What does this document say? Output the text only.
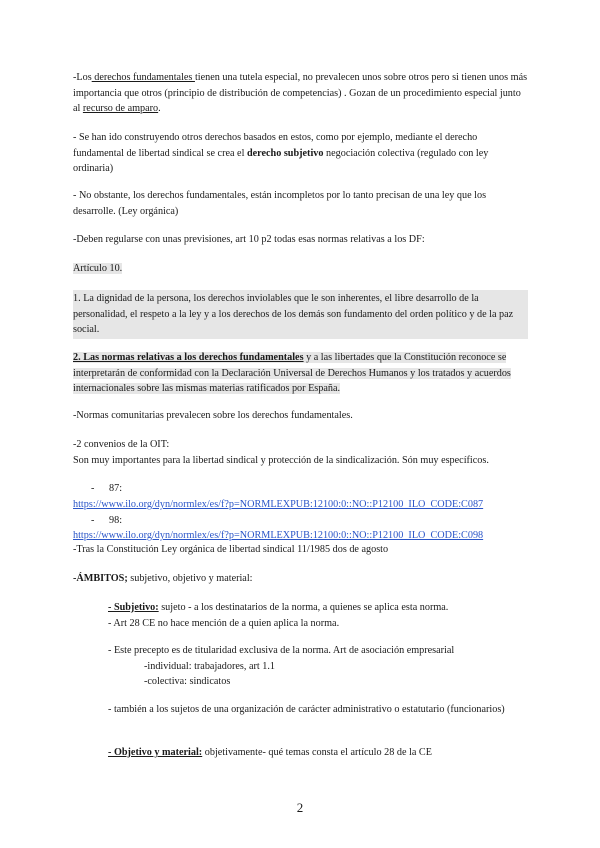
-Los derechos fundamentales tienen una tutela especial, no prevalecen unos sobre otros pero si tienen unos más importancia que otros (principio de distribución de competencias) . Gozan de un procedimiento especial junto al recurso de amparo.

- Se han ido construyendo otros derechos basados en estos, como por ejemplo, mediante el derecho fundamental de libertad sindical se crea el derecho subjetivo negociación colectiva (regulado con ley ordinaria)

- No obstante, los derechos fundamentales, están incompletos por lo tanto precisan de una ley que los desarrolle. (Ley orgánica)

-Deben regularse con unas previsiones, art 10 p2 todas esas normas relativas a los DF:

Artículo 10.

1. La dignidad de la persona, los derechos inviolables que le son inherentes, el libre desarrollo de la personalidad, el respeto a la ley y a los derechos de los demás son fundamento del orden político y de la paz social.

2. Las normas relativas a los derechos fundamentales y a las libertades que la Constitución reconoce se interpretarán de conformidad con la Declaración Universal de Derechos Humanos y los tratados y acuerdos internacionales sobre las mismas materias ratificados por España.

-Normas comunitarias prevalecen sobre los derechos fundamentales.

-2 convenios de la OIT:
Son muy importantes para la libertad sindical y protección de la sindicalización. Són muy específicos.

- 87:
https://www.ilo.org/dyn/normlex/es/f?p=NORMLEXPUB:12100:0::NO::P12100_ILO_CODE:C087
- 98:
https://www.ilo.org/dyn/normlex/es/f?p=NORMLEXPUB:12100:0::NO::P12100_ILO_CODE:C098

-Tras la Constitución Ley orgánica de libertad sindical 11/1985 dos de agosto

-ÁMBITOS; subjetivo, objetivo y material:

- Subjetivo: sujeto - a los destinatarios de la norma, a quienes se aplica esta norma.
- Art 28 CE no hace mención de a quien aplica la norma.

- Este precepto es de titularidad exclusiva de la norma. Art de asociación empresarial
-individual: trabajadores, art 1.1
-colectiva: sindicatos

- también a los sujetos de una organización de carácter administrativo o estatutario (funcionarios)

- Objetivo y material: objetivamente- qué temas consta el artículo 28 de la CE

2
